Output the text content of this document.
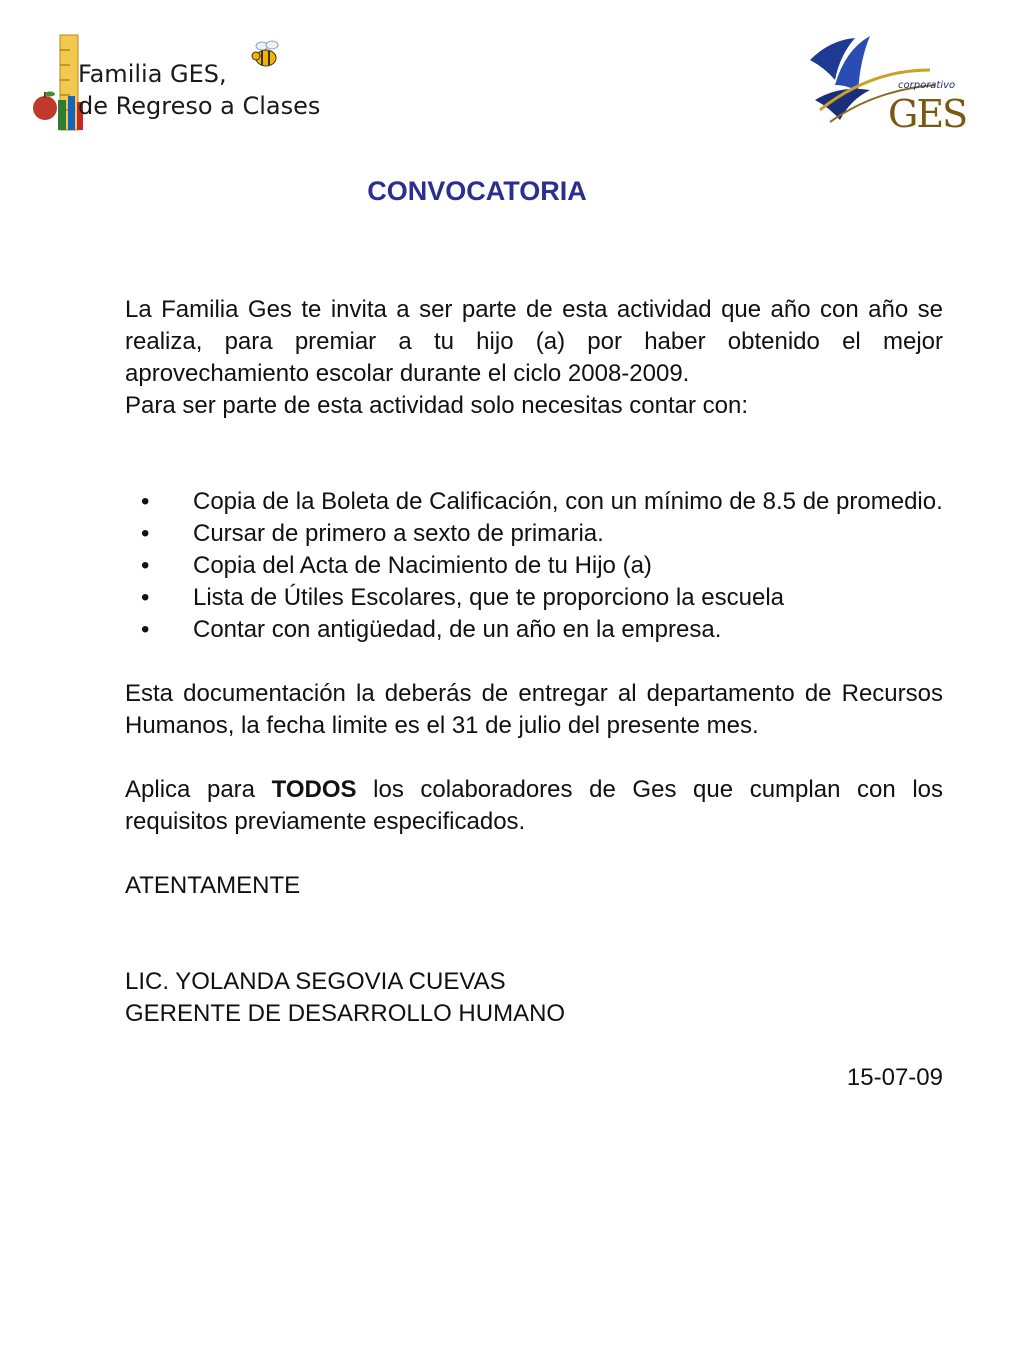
Familia GES,
de Regreso a Clases
corporativo
GES
CONVOCATORIA

La Familia Ges te invita a ser parte de esta actividad que año con año se realiza, para premiar a tu hijo (a) por haber obtenido el mejor aprovechamiento escolar durante el ciclo 2008-2009.

Para ser parte de esta actividad solo necesitas contar con:

• Copia de la Boleta de Calificación, con un mínimo de 8.5 de promedio.
• Cursar de primero a sexto de primaria.
• Copia del Acta de Nacimiento de tu Hijo (a)
• Lista de Útiles Escolares, que te proporciono la escuela
• Contar con antigüedad, de un año en la empresa.

Esta documentación la deberás de entregar al departamento de Recursos Humanos, la fecha limite es el 31 de julio del presente mes.

Aplica para TODOS los colaboradores de Ges que cumplan con los requisitos previamente especificados.

ATENTAMENTE

LIC. YOLANDA SEGOVIA CUEVAS

GERENTE DE DESARROLLO HUMANO

15-07-09
